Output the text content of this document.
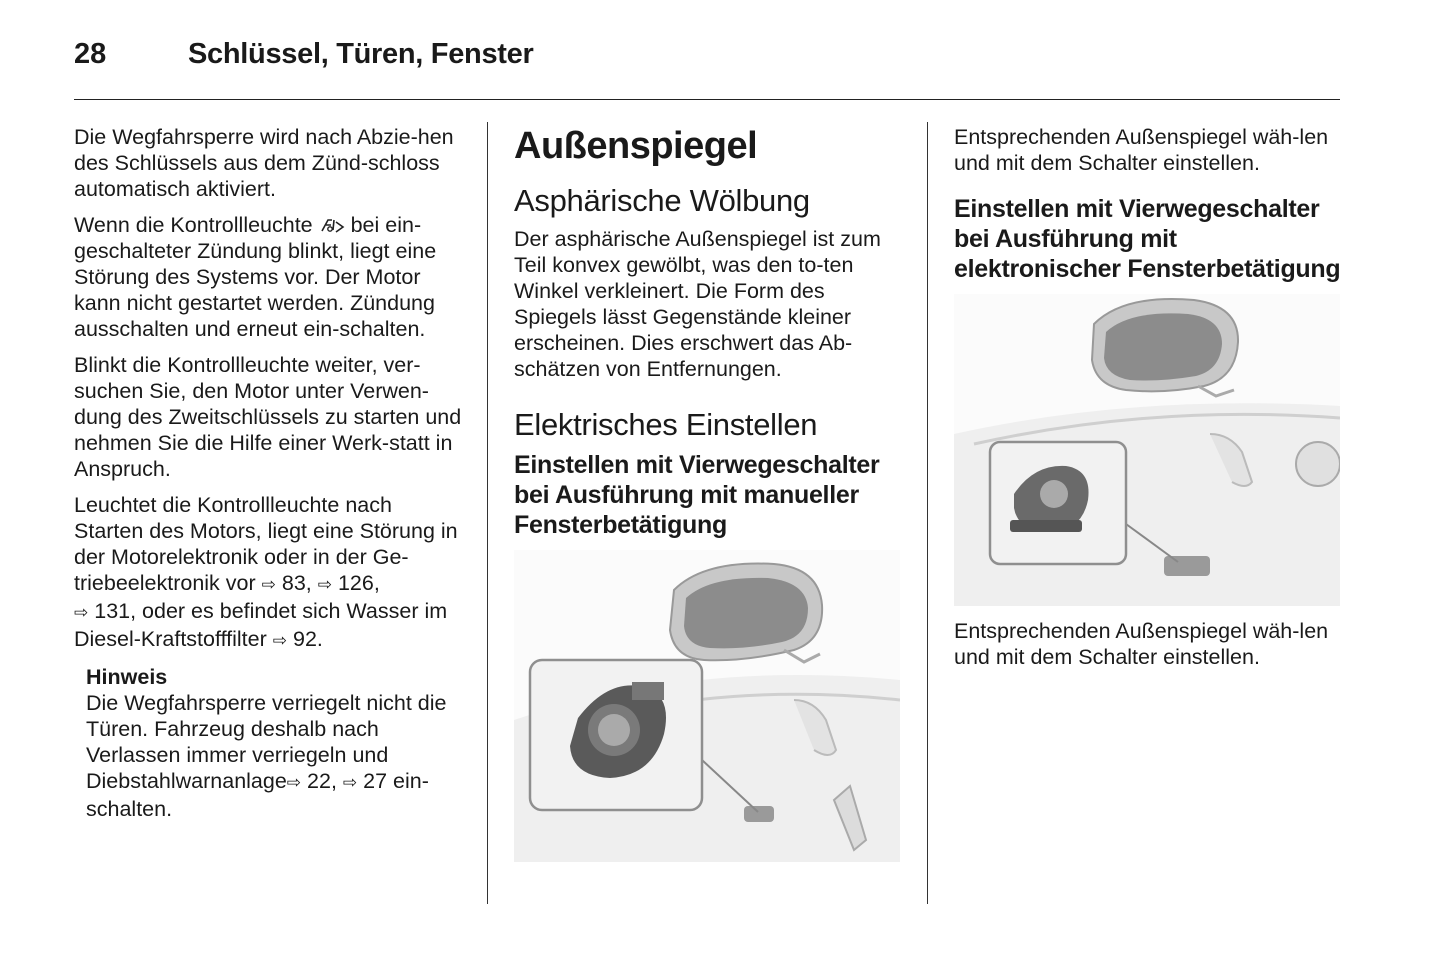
28	Schlüssel, Türen, Fenster

Die Wegfahrsperre wird nach Abzie-hen des Schlüssels aus dem Zünd-schloss automatisch aktiviert.

Wenn die Kontrollleuchte  bei ein-geschalteter Zündung blinkt, liegt eine Störung des Systems vor. Der Motor kann nicht gestartet werden. Zündung ausschalten und erneut ein-schalten.

Blinkt die Kontrollleuchte weiter, ver-suchen Sie, den Motor unter Verwen-dung des Zweitschlüssels zu starten und nehmen Sie die Hilfe einer Werk-statt in Anspruch.

Leuchtet die Kontrollleuchte nach Starten des Motors, liegt eine Störung in der Motorelektronik oder in der Ge-triebeelektronik vor ⇨ 83, ⇨ 126,
⇨ 131, oder es befindet sich Wasser im Diesel-Kraftstofffilter ⇨ 92.

Hinweis

Die Wegfahrsperre verriegelt nicht die Türen. Fahrzeug deshalb nach Verlassen immer verriegeln und Diebstahlwarnanlage⇨ 22, ⇨ 27 ein-schalten.

Außenspiegel
Asphärische Wölbung

Der asphärische Außenspiegel ist zum Teil konvex gewölbt, was den to-ten Winkel verkleinert. Die Form des Spiegels lässt Gegenstände kleiner erscheinen. Dies erschwert das Ab-schätzen von Entfernungen.

Elektrisches Einstellen
Einstellen mit Vierwegeschalter bei Ausführung mit manueller Fensterbetätigung

Entsprechenden Außenspiegel wäh-len und mit dem Schalter einstellen.

Einstellen mit Vierwegeschalter bei Ausführung mit elektronischer Fensterbetätigung

Entsprechenden Außenspiegel wäh-len und mit dem Schalter einstellen.
